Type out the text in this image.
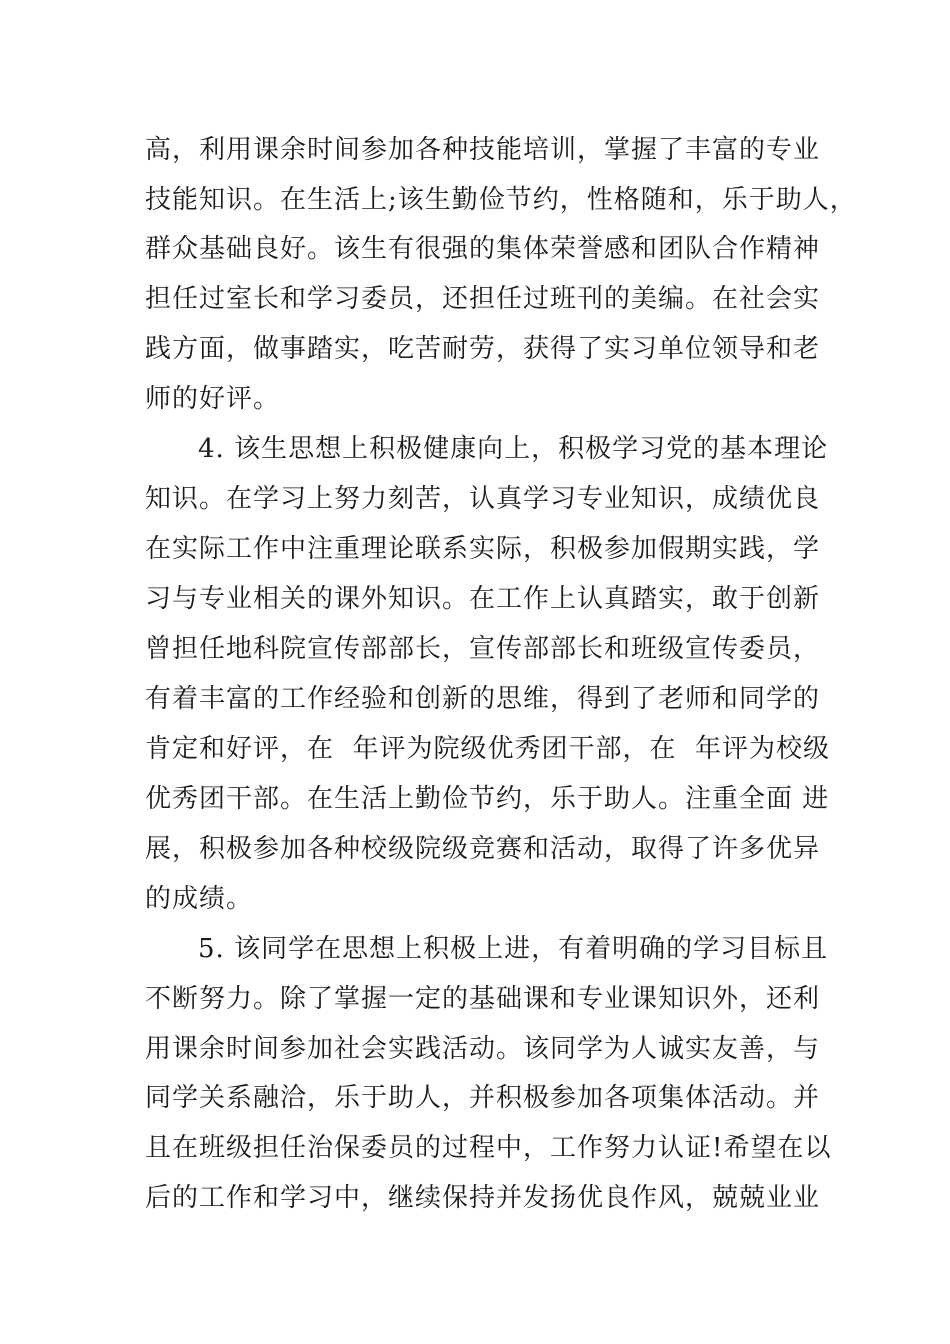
高，利用课余时间参加各种技能培训，掌握了丰富的专业
技能知识。在生活上;该生勤俭节约，性格随和，乐于助人，
群众基础良好。该生有很强的集体荣誉感和团队合作精神
担任过室长和学习委员，还担任过班刊的美编。在社会实
践方面，做事踏实，吃苦耐劳，获得了实习单位领导和老
师的好评。
4. 该生思想上积极健康向上，积极学习党的基本理论
知识。在学习上努力刻苦，认真学习专业知识，成绩优良
在实际工作中注重理论联系实际，积极参加假期实践，学
习与专业相关的课外知识。在工作上认真踏实，敢于创新
曾担任地科院宣传部部长，宣传部部长和班级宣传委员，
有着丰富的工作经验和创新的思维，得到了老师和同学的
肯定和好评，在  年评为院级优秀团干部，在  年评为校级
优秀团干部。在生活上勤俭节约，乐于助人。注重全面 进
展，积极参加各种校级院级竞赛和活动，取得了许多优异
的成绩。
5. 该同学在思想上积极上进，有着明确的学习目标且
不断努力。除了掌握一定的基础课和专业课知识外，还利
用课余时间参加社会实践活动。该同学为人诚实友善，与
同学关系融洽，乐于助人，并积极参加各项集体活动。并
且在班级担任治保委员的过程中，工作努力认证!希望在以
后的工作和学习中，继续保持并发扬优良作风，兢兢业业
